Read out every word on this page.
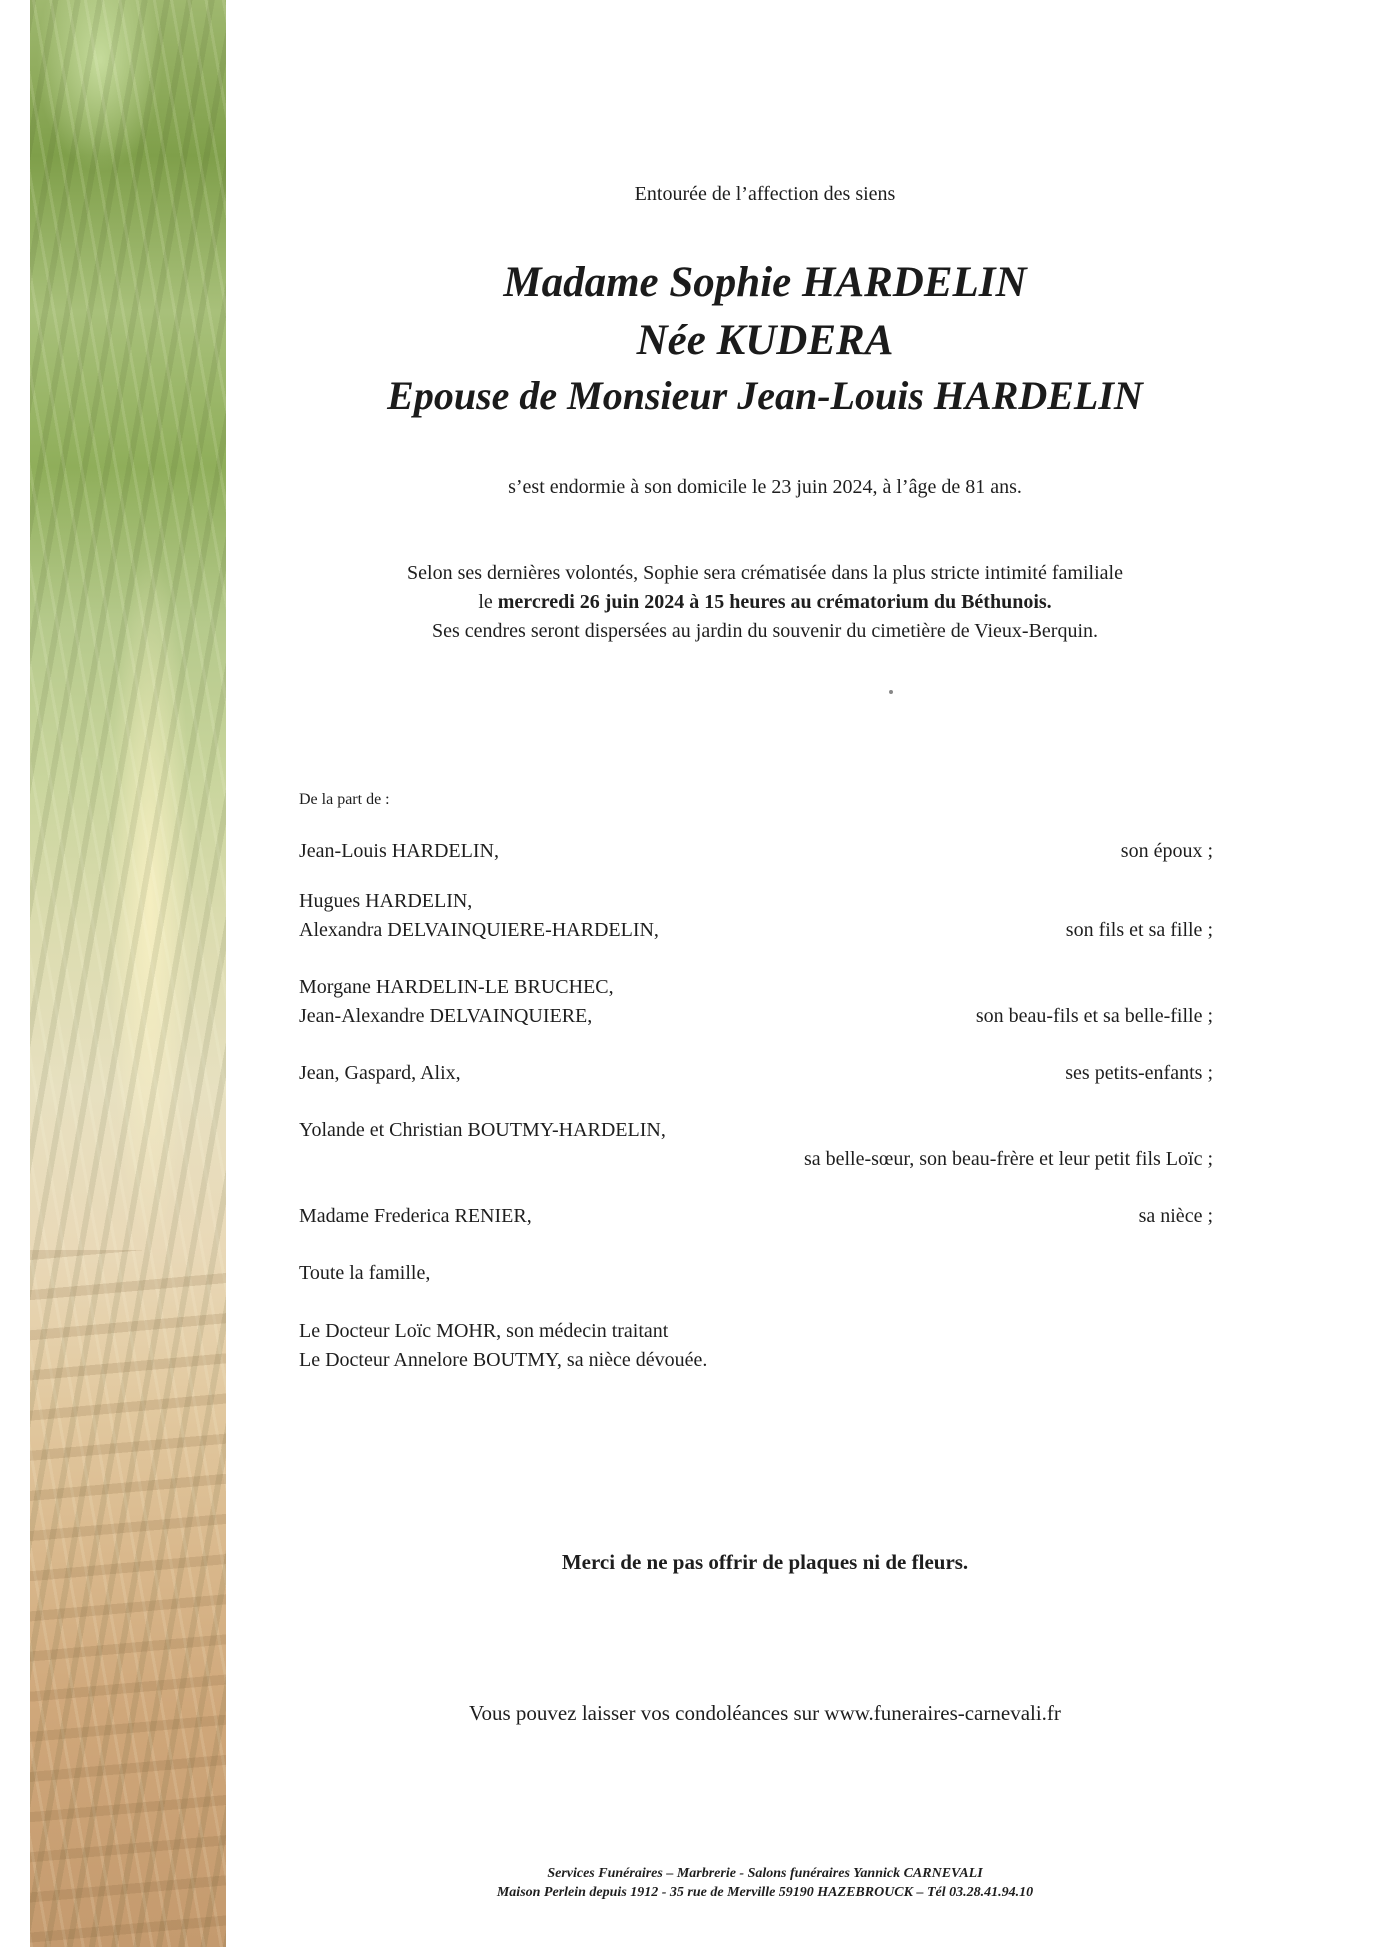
Entourée de l’affection des siens
Madame Sophie HARDELIN
Née KUDERA
Epouse de Monsieur Jean-Louis HARDELIN
s’est endormie à son domicile le 23 juin 2024, à l’âge de 81 ans.
Selon ses dernières volontés, Sophie sera crématisée dans la plus stricte intimité familiale
le mercredi 26 juin 2024 à 15 heures au crématorium du Béthunois.
Ses cendres seront dispersées au jardin du souvenir du cimetière de Vieux-Berquin.
De la part de :
Jean-Louis HARDELIN,	son époux ;
Hugues HARDELIN,
Alexandra DELVAINQUIERE-HARDELIN,	son fils et sa fille ;
Morgane HARDELIN-LE BRUCHEC,
Jean-Alexandre DELVAINQUIERE,	son beau-fils et sa belle-fille ;
Jean, Gaspard, Alix,	ses petits-enfants ;
Yolande et Christian BOUTMY-HARDELIN,
sa belle-sœur, son beau-frère et leur petit fils Loïc ;
Madame Frederica RENIER,	sa nièce ;
Toute la famille,
Le Docteur Loïc MOHR, son médecin traitant
Le Docteur Annelore BOUTMY, sa nièce dévouée.
Merci de ne pas offrir de plaques ni de fleurs.
Vous pouvez laisser vos condoléances sur www.funeraires-carnevali.fr
Services Funéraires – Marbrerie - Salons funéraires Yannick CARNEVALI
Maison Perlein depuis 1912 - 35 rue de Merville 59190 HAZEBROUCK – Tél 03.28.41.94.10
